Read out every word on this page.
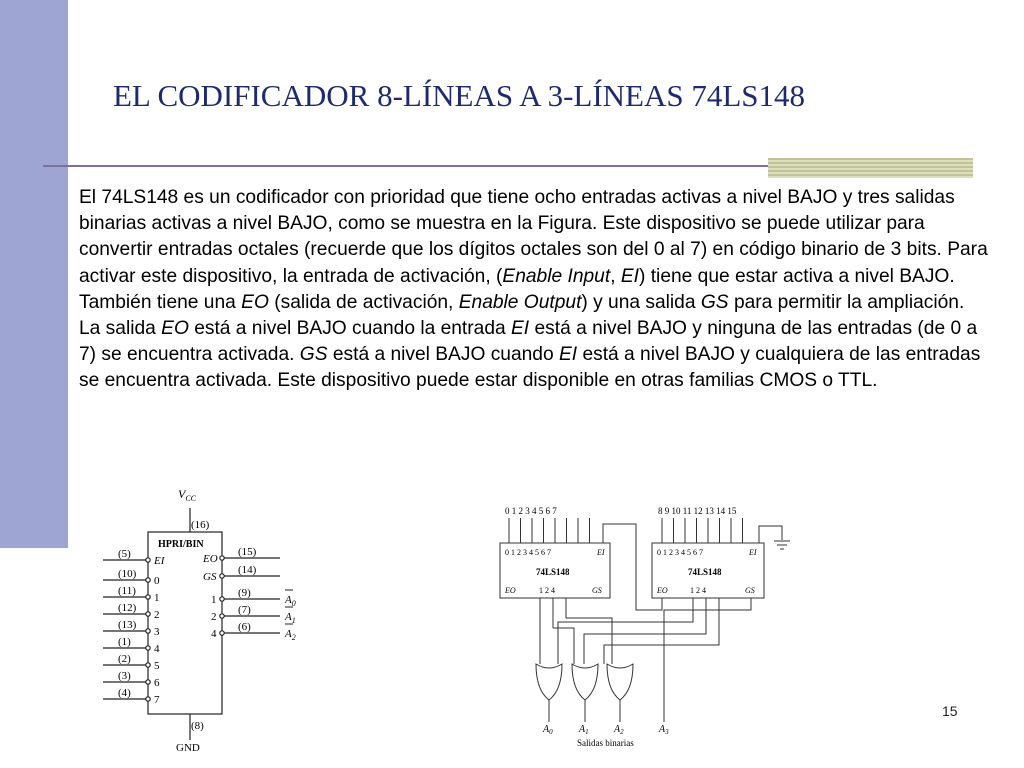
EL CODIFICADOR 8-LÍNEAS A 3-LÍNEAS 74LS148

El 74LS148 es un codificador con prioridad que tiene ocho entradas activas a nivel BAJO y tres salidas binarias activas a nivel BAJO, como se muestra en la Figura. Este dispositivo se puede utilizar para convertir entradas octales (recuerde que los dígitos octales son del 0 al 7) en código binario de 3 bits. Para activar este dispositivo, la entrada de activación, (Enable Input, EI) tiene que estar activa a nivel BAJO. También tiene una EO (salida de activación, Enable Output) y una salida GS para permitir la ampliación. La salida EO está a nivel BAJO cuando la entrada EI está a nivel BAJO y ninguna de las entradas (de 0 a 7) se encuentra activada. GS está a nivel BAJO cuando EI está a nivel BAJO y cualquiera de las entradas se encuentra activada. Este dispositivo puede estar disponible en otras familias CMOS o TTL.

$V_{CC}$
(16)
(8)
GND
HPRI/BIN
(5)
EI
(10)
0
(11)
1
(12)
2
(13)
3
(1)
4
(2)
5
(3)
6
(4)
7
(15)
EO
(14)
GS
(9)
1	$A_0$
(7)
2	$A_1$
(6)
4	$A_2$
0 1 2 3 4 5 6 7	8 9 10 11 12 13 14 15
0 1 2 3 4 5 6 7	0 1 2 3 4 5 6 7
EI	EI
74LS148	74LS148
EO	EO
1 2 4	1 2 4
GS	GS
$A_0$	$A_1$	$A_2$	$A_3$
Salidas binarias
15
